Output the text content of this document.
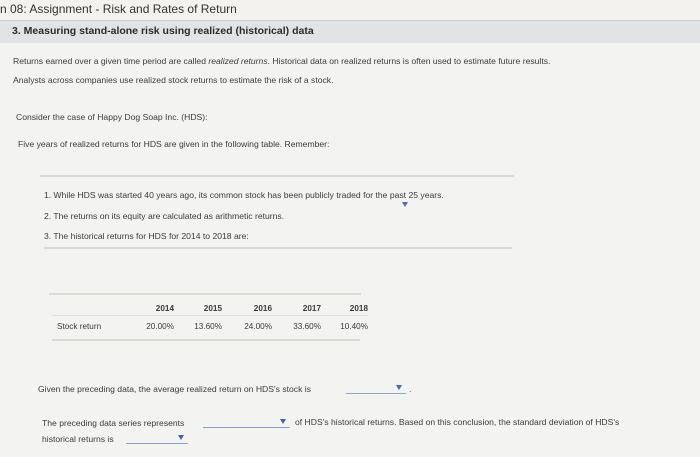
n 08: Assignment - Risk and Rates of Return
3. Measuring stand-alone risk using realized (historical) data
Returns earned over a given time period are called realized returns. Historical data on realized returns is often used to estimate future results.
Analysts across companies use realized stock returns to estimate the risk of a stock.
Consider the case of Happy Dog Soap Inc. (HDS):
Five years of realized returns for HDS are given in the following table. Remember:
1. While HDS was started 40 years ago, its common stock has been publicly traded for the past 25 years.
2. The returns on its equity are calculated as arithmetic returns.
3. The historical returns for HDS for 2014 to 2018 are:
	2014	2015	2016	2017	2018
Stock return	20.00%	13.60%	24.00%	33.60%	10.40%
Given the preceding data, the average realized return on HDS's stock is	.
The preceding data series represents	of HDS's historical returns. Based on this conclusion, the standard deviation of HDS's
historical returns is
